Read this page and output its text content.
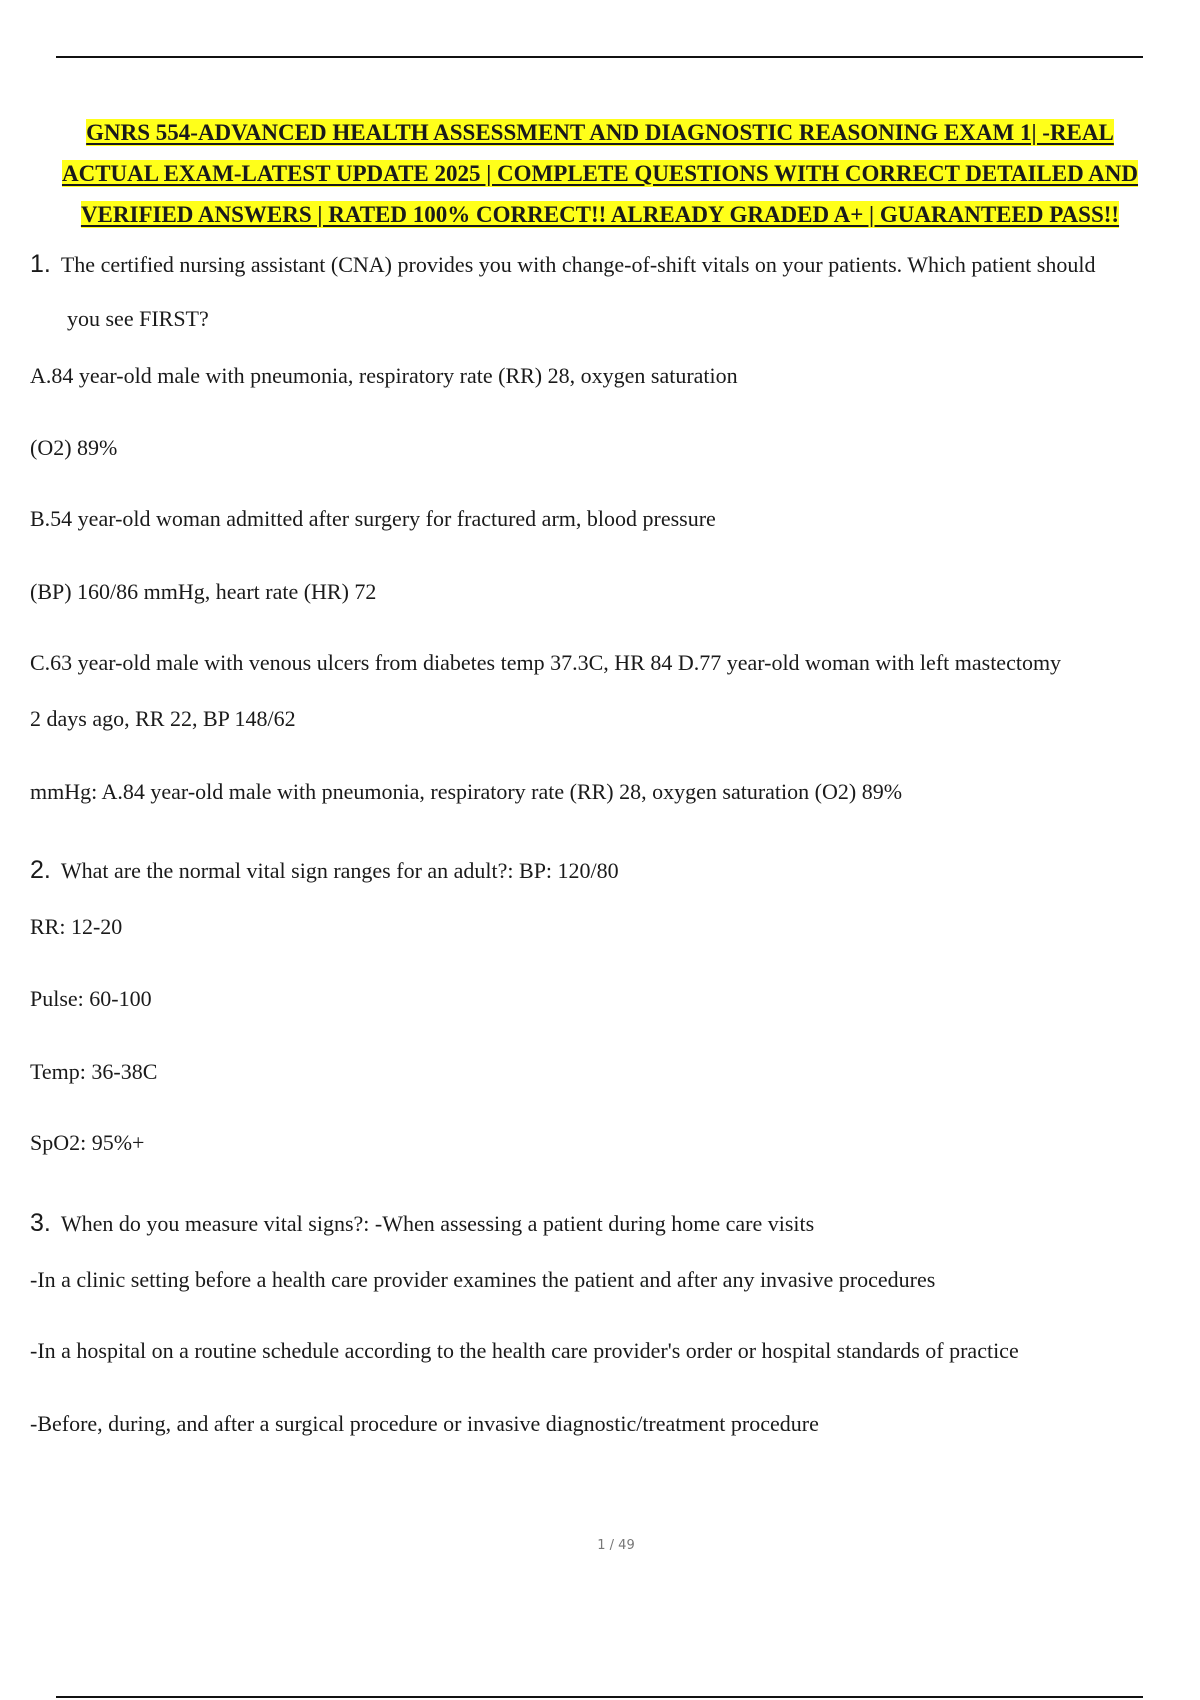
GNRS 554-ADVANCED HEALTH ASSESSMENT AND DIAGNOSTIC REASONING EXAM 1| -REAL
ACTUAL EXAM-LATEST UPDATE 2025 | COMPLETE QUESTIONS WITH CORRECT DETAILED AND
VERIFIED ANSWERS | RATED 100% CORRECT!! ALREADY GRADED A+ | GUARANTEED PASS!!
1. The certified nursing assistant (CNA) provides you with change-of-shift vitals on your patients. Which patient should
you see FIRST?
A.84 year-old male with pneumonia, respiratory rate (RR) 28, oxygen saturation
(O2) 89%
B.54 year-old woman admitted after surgery for fractured arm, blood pressure
(BP) 160/86 mmHg, heart rate (HR) 72
C.63 year-old male with venous ulcers from diabetes temp 37.3C, HR 84 D.77 year-old woman with left mastectomy
2 days ago, RR 22, BP 148/62
mmHg: A.84 year-old male with pneumonia, respiratory rate (RR) 28, oxygen saturation (O2) 89%
2. What are the normal vital sign ranges for an adult?: BP: 120/80
RR: 12-20
Pulse: 60-100
Temp: 36-38C
SpO2: 95%+
3. When do you measure vital signs?: -When assessing a patient during home care visits
-In a clinic setting before a health care provider examines the patient and after any invasive procedures
-In a hospital on a routine schedule according to the health care provider's order or hospital standards of practice
-Before, during, and after a surgical procedure or invasive diagnostic/treatment procedure
1 / 49
